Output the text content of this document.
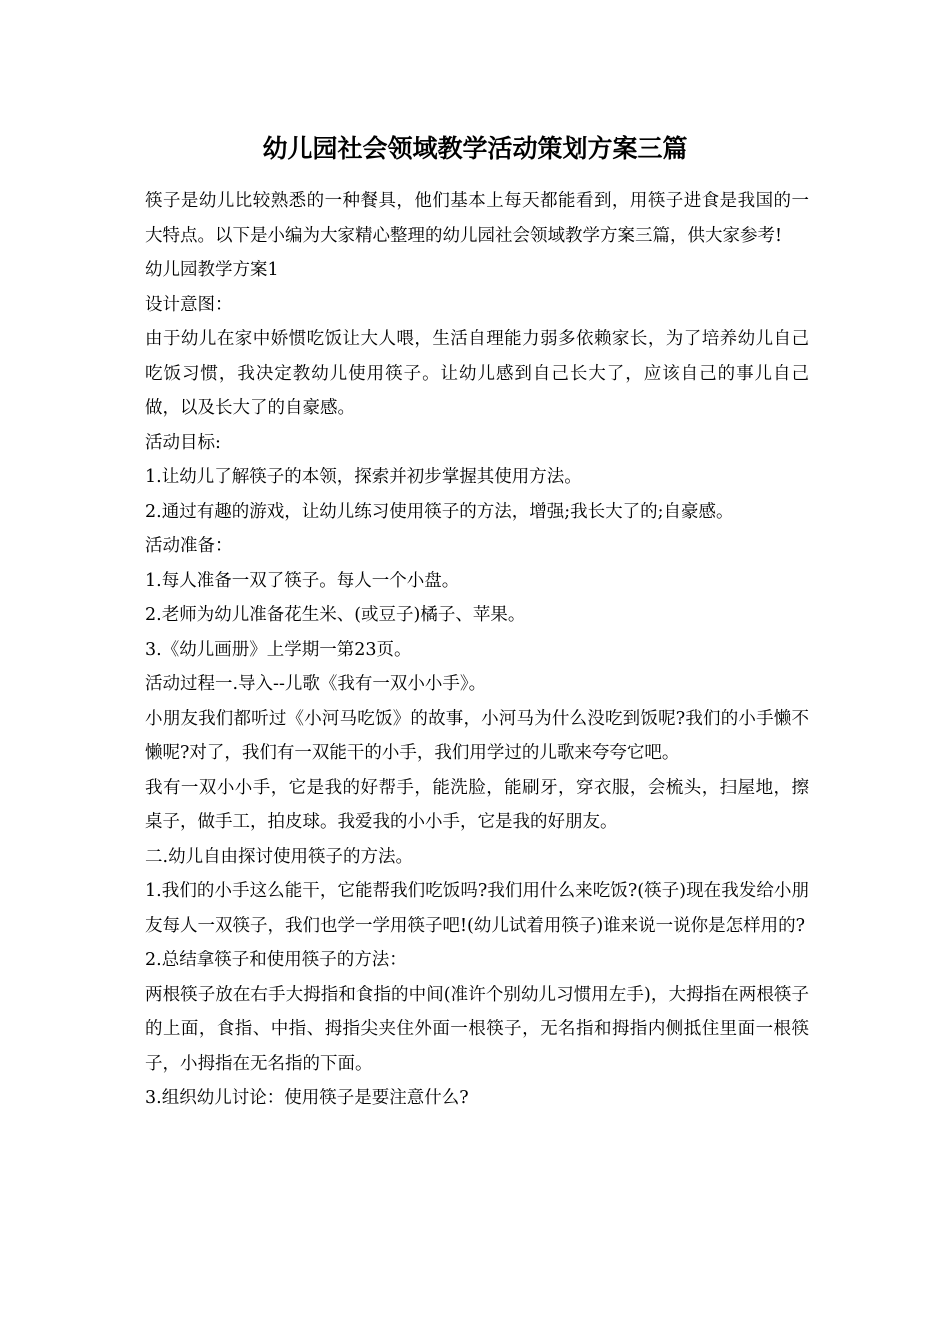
幼儿园社会领域教学活动策划方案三篇

筷子是幼儿比较熟悉的一种餐具，他们基本上每天都能看到，用筷子进食是我国的一大特点。以下是小编为大家精心整理的幼儿园社会领域教学方案三篇，供大家参考!

幼儿园教学方案1

设计意图：

由于幼儿在家中娇惯吃饭让大人喂，生活自理能力弱多依赖家长，为了培养幼儿自己吃饭习惯，我决定教幼儿使用筷子。让幼儿感到自己长大了，应该自己的事儿自己做，以及长大了的自豪感。

活动目标:

1.让幼儿了解筷子的本领，探索并初步掌握其使用方法。

2.通过有趣的游戏，让幼儿练习使用筷子的方法，增强;我长大了的;自豪感。

活动准备：

1.每人准备一双了筷子。每人一个小盘。

2.老师为幼儿准备花生米、(或豆子)橘子、苹果。

3.《幼儿画册》上学期一第23页。

活动过程一.导入--儿歌《我有一双小小手》。

小朋友我们都听过《小河马吃饭》的故事，小河马为什么没吃到饭呢?我们的小手懒不懒呢?对了，我们有一双能干的小手，我们用学过的儿歌来夸夸它吧。

我有一双小小手，它是我的好帮手，能洗脸，能刷牙，穿衣服，会梳头，扫屋地，擦桌子，做手工，拍皮球。我爱我的小小手，它是我的好朋友。

二.幼儿自由探讨使用筷子的方法。

1.我们的小手这么能干，它能帮我们吃饭吗?我们用什么来吃饭?(筷子)现在我发给小朋友每人一双筷子，我们也学一学用筷子吧!(幼儿试着用筷子)谁来说一说你是怎样用的?

2.总结拿筷子和使用筷子的方法：

两根筷子放在右手大拇指和食指的中间(准许个别幼儿习惯用左手)，大拇指在两根筷子的上面，食指、中指、拇指尖夹住外面一根筷子，无名指和拇指内侧抵住里面一根筷子，小拇指在无名指的下面。

3.组织幼儿讨论：使用筷子是要注意什么?
